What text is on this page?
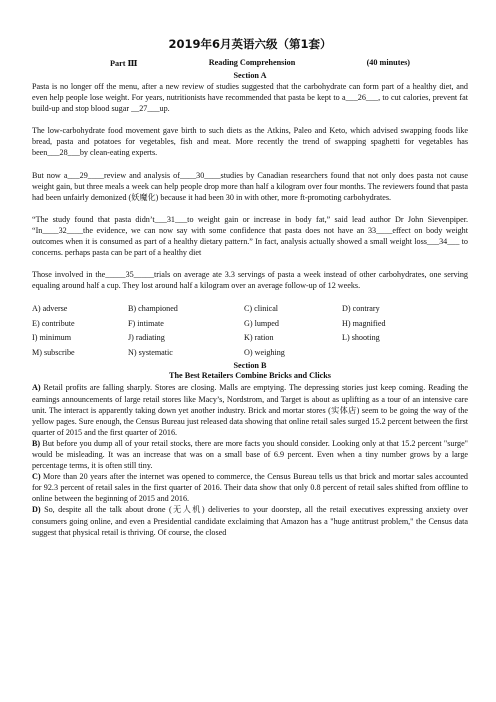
2019年6月英语六级（第1套）
Part Ⅲ	Reading Comprehension	(40 minutes)
Section A

Pasta is no longer off the menu, after a new review of studies suggested that the carbohydrate can form part of a healthy diet, and even help people lose weight. For years, nutritionists have recommended that pasta be kept to a___26___, to cut calories, prevent fat build-up and stop blood sugar __27___up.

The low-carbohydrate food movement gave birth to such diets as the Atkins, Paleo and Keto, which advised swapping foods like bread, pasta and potatoes for vegetables, fish and meat. More recently the trend of swapping spaghetti for vegetables has been___28___by clean-eating experts.

But now a___29____review and analysis of____30____studies by Canadian researchers found that not only does pasta not cause weight gain, but three meals a week can help people drop more than half a kilogram over four months. The reviewers found that pasta had been unfairly demonized (妖魔化) because it had been 30 in with other, more ft-promoting carbohydrates.

“The study found that pasta didn’t___31___to weight gain or increase in body fat,” said lead author Dr John Sievenpiper. “In____32____the evidence, we can now say with some confidence that pasta does not have an 33____effect on body weight outcomes when it is consumed as part of a healthy dietary pattern.” In fact, analysis actually showed a small weight loss___34___ to concerns. perhaps pasta can be part of a healthy diet

Those involved in the_____35_____trials on average ate 3.3 servings of pasta a week instead of other carbohydrates, one serving equaling around half a cup. They lost around half a kilogram over an average follow-up of 12 weeks.

A) adverse	B) championed	C) clinical	D) contrary
E) contribute	F) intimate	G) lumped	H) magnified
I) minimum	J) radiating	K) ration	L) shooting
M) subscribe	N) systematic	O) weighing
Section B
The Best Retailers Combine Bricks and Clicks

A) Retail profits are falling sharply. Stores are closing. Malls are emptying. The depressing stories just keep coming. Reading the earnings announcements of large retail stores like Macy’s, Nordstrom, and Target is about as uplifting as a tour of an intensive care unit. The interact is apparently taking down yet another industry. Brick and mortar stores (实体店) seem to be going the way of the yellow pages. Sure enough, the Census Bureau just released data showing that online retail sales surged 15.2 percent between the first quarter of 2015 and the first quarter of 2016.

B) But before you dump all of your retail stocks, there are more facts you should consider. Looking only at that 15.2 percent "surge" would be misleading. It was an increase that was on a small base of 6.9 percent. Even when a tiny number grows by a large percentage terms, it is often still tiny.

C) More than 20 years after the internet was opened to commerce, the Census Bureau tells us that brick and mortar sales accounted for 92.3 percent of retail sales in the first quarter of 2016. Their data show that only 0.8 percent of retail sales shifted from offline to online between the beginning of 2015 and 2016.

D) So, despite all the talk about drone (无人机) deliveries to your doorstep, all the retail executives expressing anxiety over consumers going online, and even a Presidential candidate exclaiming that Amazon has a "huge antitrust problem," the Census data suggest that physical retail is thriving. Of course, the closed
